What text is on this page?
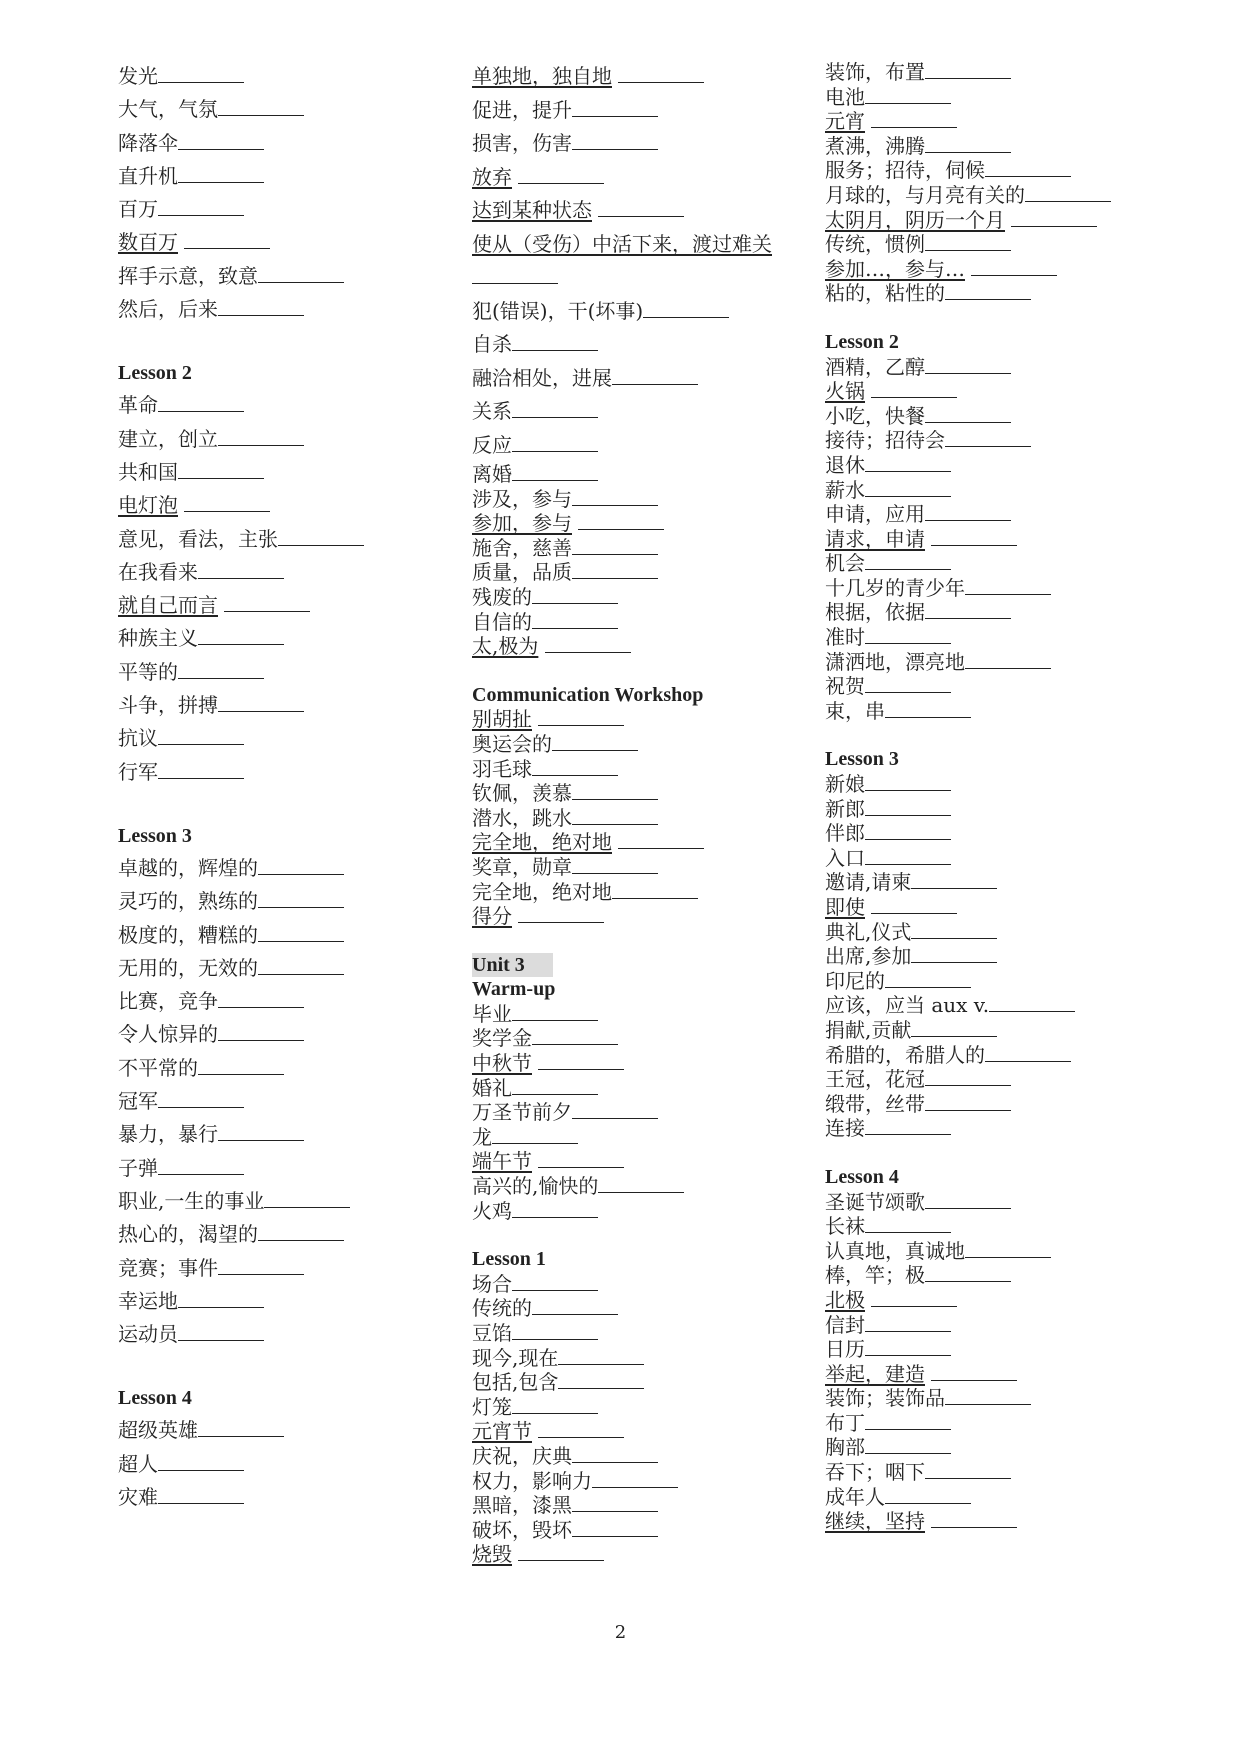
发光
大气，气氛
降落伞
直升机
百万
数百万
挥手示意，致意
然后，后来
Lesson 2
革命
建立，创立
共和国
电灯泡
意见，看法，主张
在我看来
就自己而言
种族主义
平等的
斗争，拼搏
抗议
行军
Lesson 3
卓越的，辉煌的
灵巧的，熟练的
极度的，糟糕的
无用的，无效的
比赛，竞争
令人惊异的
不平常的
冠军
暴力，暴行
子弹
职业,一生的事业
热心的，渴望的
竞赛；事件
幸运地
运动员
Lesson 4
超级英雄
超人
灾难
单独地，独自地
促进，提升
损害，伤害
放弃
达到某种状态
使从（受伤）中活下来，渡过难关
犯(错误)，干(坏事)
自杀
融洽相处，进展
关系
反应
离婚
涉及，参与
参加，参与
施舍，慈善
质量，品质
残废的
自信的
太,极为
Communication Workshop
别胡扯
奥运会的
羽毛球
钦佩，羡慕
潜水，跳水
完全地，绝对地
奖章，勋章
完全地，绝对地
得分
Unit 3
Warm-up
毕业
奖学金
中秋节
婚礼
万圣节前夕
龙
端午节
高兴的,愉快的
火鸡
Lesson 1
场合
传统的
豆馅
现今,现在
包括,包含
灯笼
元宵节
庆祝，庆典
权力，影响力
黑暗，漆黑
破坏，毁坏
烧毁
装饰，布置
电池
元宵
煮沸，沸腾
服务；招待，伺候
月球的，与月亮有关的
太阴月，阴历一个月
传统，惯例
参加…，参与…
粘的，粘性的
Lesson 2
酒精，乙醇
火锅
小吃，快餐
接待；招待会
退休
薪水
申请，应用
请求，申请
机会
十几岁的青少年
根据，依据
准时
潇洒地，漂亮地
祝贺
束，串
Lesson 3
新娘
新郎
伴郎
入口
邀请,请柬
即使
典礼,仪式
出席,参加
印尼的
应该，应当 aux v.
捐献,贡献
希腊的，希腊人的
王冠，花冠
缎带，丝带
连接
Lesson 4
圣诞节颂歌
长袜
认真地，真诚地
棒，竿；极
北极
信封
日历
举起，建造
装饰；装饰品
布丁
胸部
吞下；咽下
成年人
继续，坚持
2
